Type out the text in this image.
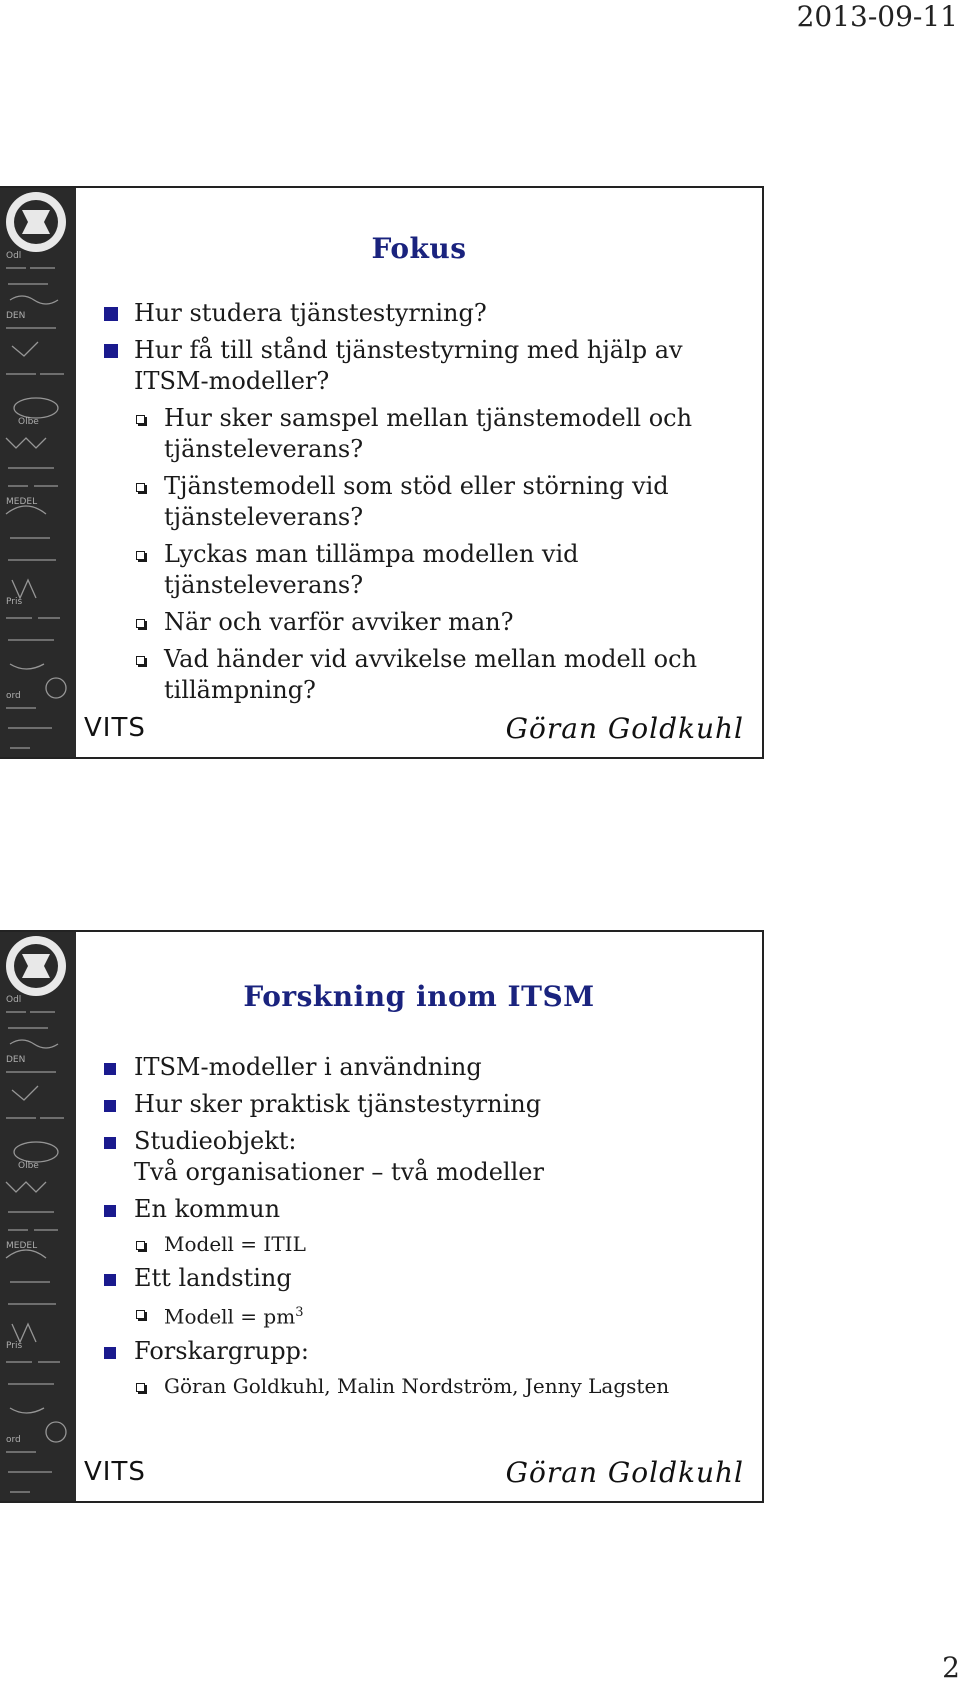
2013-09-11
Odl
DEN
Olbe
MEDEL
Pris
ord
Fokus
Hur studera tjänstestyrning?
Hur få till stånd tjänstestyrning med hjälp av ITSM-modeller?
Hur sker samspel mellan tjänstemodell och tjänsteleverans?
Tjänstemodell som stöd eller störning vid tjänsteleverans?
Lyckas man tillämpa modellen vid tjänsteleverans?
När och varför avviker man?
Vad händer vid avvikelse mellan modell och tillämpning?
VITS	Göran Goldkuhl
Odl
DEN
Olbe
MEDEL
Pris
ord
Forskning inom ITSM
ITSM-modeller i användning
Hur sker praktisk tjänstestyrning
Studieobjekt:
Två organisationer – två modeller
En kommun
Modell = ITIL
Ett landsting
Modell = $pm^3$
Forskargrupp:
Göran Goldkuhl, Malin Nordström, Jenny Lagsten
VITS	Göran Goldkuhl
2
